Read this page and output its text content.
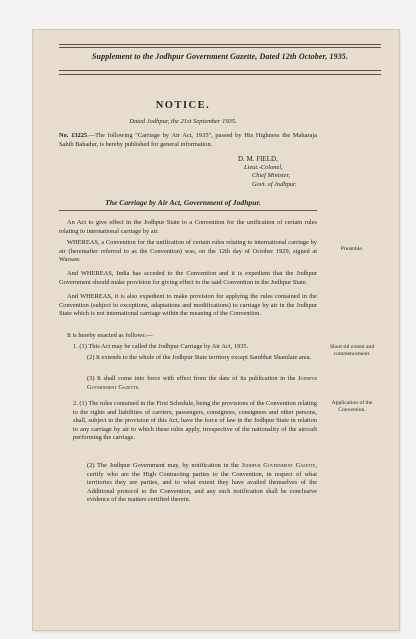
Supplement to the Jodhpur Government Gazette, Dated 12th October, 1935.
NOTICE.
Dated Jodhpur, the 21st September 1935.
No. 13225.—The following "Carriage by Air Act, 1935", passed by His Highness the Maharaja Sahib Bahadur, is hereby published for general information.
D. M. FIELD,
Lieut.-Colonel,
Chief Minister,
Govt. of Jodhpur.
The Carriage by Air Act, Government of Jodhpur.
An Act to give effect in the Jodhpur State to a Convention for the unification of certain rules relating to international carriage by air.
WHEREAS, a Convention for the unification of certain rules relating to international carriage by air (hereinafter referred to as the Convention) was, on the 12th day of October 1929, signed at Warsaw.
Preamble.
And WHEREAS, India has acceded to the Convention and it is expedient that the Jodhpur Government should make provision for giving effect to the said Convention in the Jodhpur State.
And WHEREAS, it is also expedient to make provision for applying the rules contained in the Convention (subject to exceptions, adaptations and modifications) to carriage by air in the Jodhpur State which is not international carriage within the meaning of the Convention.
It is hereby enacted as follows:—
1. (1) This Act may be called the Jodhpur Carriage by Air Act, 1935.	Short titl extent and commencement.
(2) It extends to the whole of the Jodhpur State territory except Sambhat Shamlate area.
(3) It shall come into force with effect from the date of its publication in the Jodhpur Government Gazette.
2. (1) The rules contained in the First Schedule, being the provisions of the Convention relating to the rights and liabilities of carriers, passengers, consignors, consignees and other persons, shall, subject to the provision of this Act, have the force of law in the Jodhpur State in relation to any carriage by air to which these rules apply, irrespective of the nationality of the aircraft performing the carriage.
Application of the Convention.
(2) The Jodhpur Government may, by notification in the Jodhpur Government Gazette, certify who are the High Contracting parties to the Convention, in respect of what territories they are parties, and to what extent they have availed themselves of the Additional protocol to the Convention, and any such notification shall be conclusive evidence of the matters certified therein.
